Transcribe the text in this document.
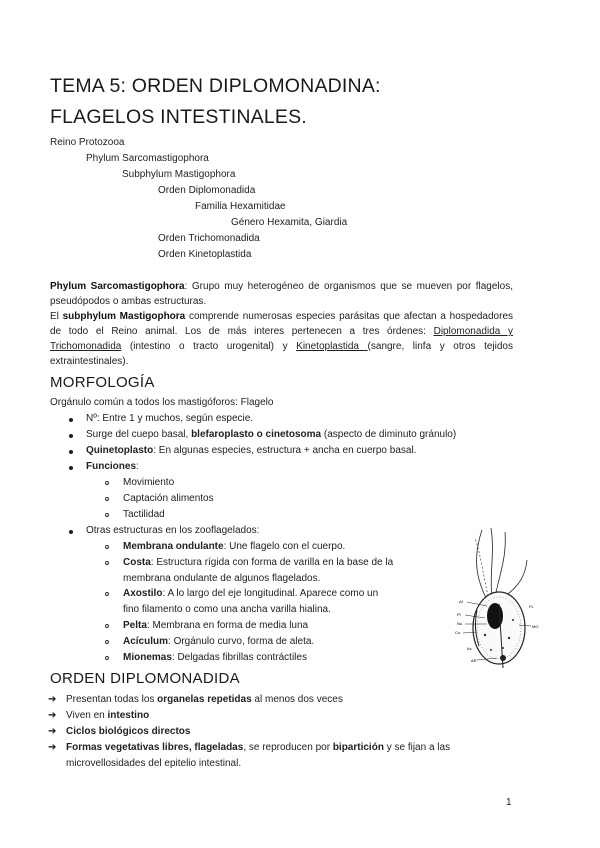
TEMA 5: ORDEN DIPLOMONADINA:
FLAGELOS INTESTINALES.
Reino Protozooa
Phylum Sarcomastigophora
Subphylum Mastigophora
Orden Diplomonadida
Familia Hexamitidae
Género Hexamita, Giardia
Orden Trichomonadida
Orden Kinetoplastida
Phylum Sarcomastigophora: Grupo muy heterogéneo de organismos que se mueven por flagelos, pseudópodos o ambas estructuras.
El subphylum Mastigophora comprende numerosas especies parásitas que afectan a hospedadores de todo el Reino animal. Los de más interes pertenecen a tres órdenes: Diplomonadida y Trichomonadida (intestino o tracto urogenital) y Kinetoplastida (sangre, linfa y otros tejidos extraintestinales).
MORFOLOGÍA
Orgánulo común a todos los mastigóforos: Flagelo
Nº: Entre 1 y muchos, según especie.
Surge del cuepo basal, blefaroplasto o cinetosoma (aspecto de diminuto gránulo)
Quinetoplasto: En algunas especies, estructura + ancha en cuerpo basal.
Funciones:
Movimiento
Captación alimentos
Tactilidad
Otras estructuras en los zooflagelados:
Membrana ondulante: Une flagelo con el cuerpo.
Costa: Estructura rígida con forma de varilla en la base de la
membrana ondulante de algunos flagelados.
Axostilo: A lo largo del eje longitudinal. Aparece como un
fino filamento o como una ancha varilla hialina.
Pelta: Membrana en forma de media luna
Acículum: Orgánulo curvo, forma de aleta.
Mionemas: Delgadas fibrillas contráctiles
Af
Pl
Nu
Co
Ax
MO
FL
AR
ORDEN DIPLOMONADIDA
➔ Presentan todas los organelas repetidas al menos dos veces
➔ Viven en intestino
➔ Ciclos biológicos directos
➔ Formas vegetativas libres, flageladas, se reproducen por bipartición y se fijan a las
microvellosidades del epitelio intestinal.
1
